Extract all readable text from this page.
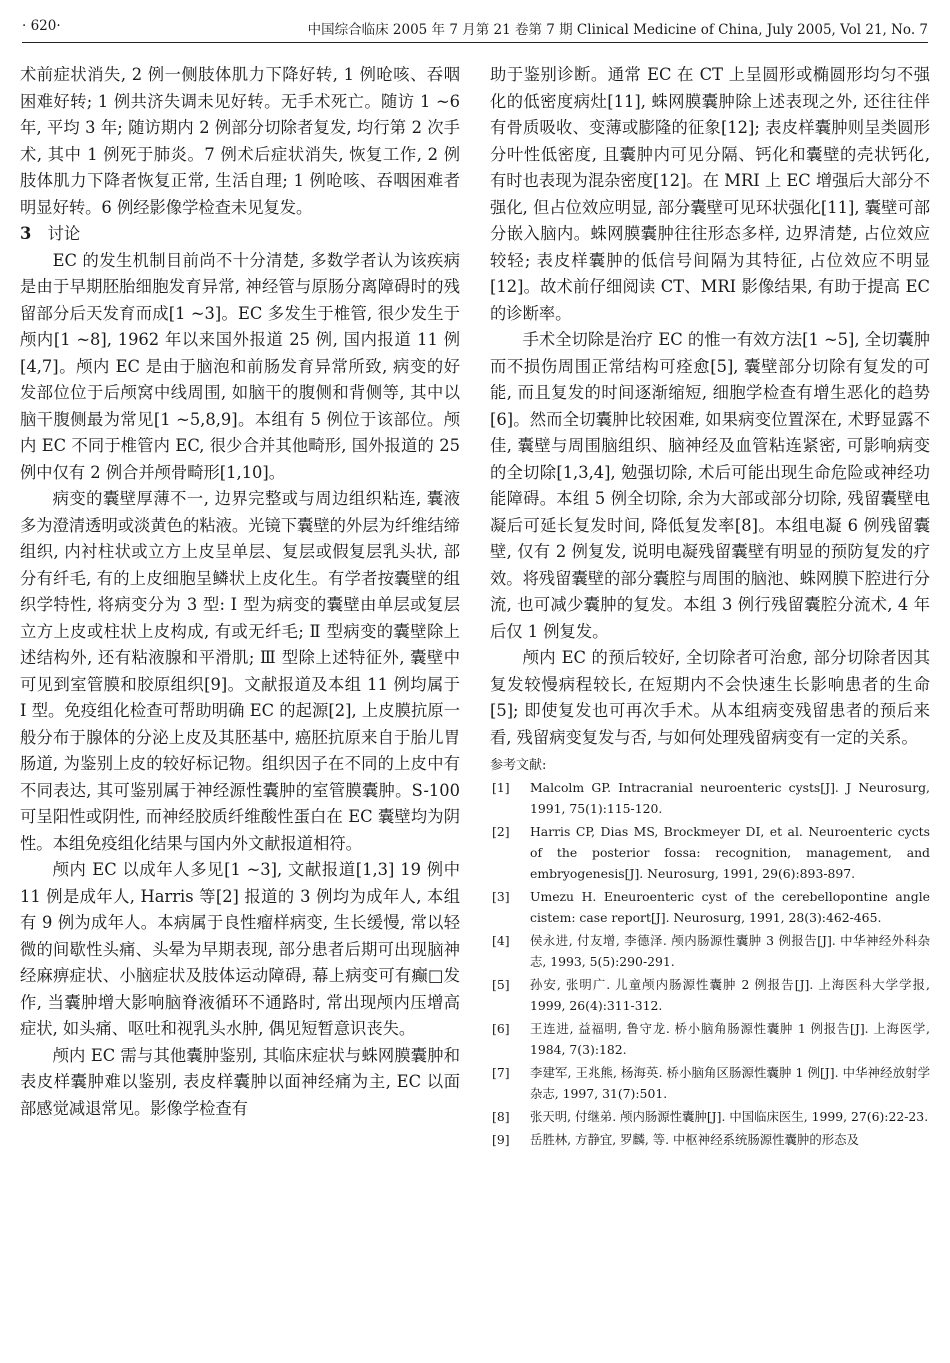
· 620·	中国综合临床 2005 年 7 月第 21 卷第 7 期 Clinical Medicine of China, July 2005, Vol 21, No. 7

术前症状消失, 2 例一侧肢体肌力下降好转, 1 例呛咳、吞咽困难好转; 1 例共济失调未见好转。无手术死亡。随访 1 ~6 年, 平均 3 年; 随访期内 2 例部分切除者复发, 均行第 2 次手术, 其中 1 例死于肺炎。7 例术后症状消失, 恢复工作, 2 例肢体肌力下降者恢复正常, 生活自理; 1 例呛咳、吞咽困难者明显好转。6 例经影像学检查未见复发。

3 讨论

EC 的发生机制目前尚不十分清楚, 多数学者认为该疾病是由于早期胚胎细胞发育异常, 神经管与原肠分离障碍时的残留部分后天发育而成[1 ~3]。EC 多发生于椎管, 很少发生于颅内[1 ~8], 1962 年以来国外报道 25 例, 国内报道 11 例[4,7]。颅内 EC 是由于脑泡和前肠发育异常所致, 病变的好发部位位于后颅窝中线周围, 如脑干的腹侧和背侧等, 其中以脑干腹侧最为常见[1 ~5,8,9]。本组有 5 例位于该部位。颅内 EC 不同于椎管内 EC, 很少合并其他畸形, 国外报道的 25 例中仅有 2 例合并颅骨畸形[1,10]。

病变的囊壁厚薄不一, 边界完整或与周边组织粘连, 囊液多为澄清透明或淡黄色的粘液。光镜下囊壁的外层为纤维结缔组织, 内衬柱状或立方上皮呈单层、复层或假复层乳头状, 部分有纤毛, 有的上皮细胞呈鳞状上皮化生。有学者按囊壁的组织学特性, 将病变分为 3 型: Ⅰ 型为病变的囊壁由单层或复层立方上皮或柱状上皮构成, 有或无纤毛; Ⅱ 型病变的囊壁除上述结构外, 还有粘液腺和平滑肌; Ⅲ 型除上述特征外, 囊壁中可见到室管膜和胶原组织[9]。文献报道及本组 11 例均属于 I 型。免疫组化检查可帮助明确 EC 的起源[2], 上皮膜抗原一般分布于腺体的分泌上皮及其胚基中, 癌胚抗原来自于胎儿胃肠道, 为鉴别上皮的较好标记物。组织因子在不同的上皮中有不同表达, 其可鉴别属于神经源性囊肿的室管膜囊肿。S-100 可呈阳性或阴性, 而神经胶质纤维酸性蛋白在 EC 囊壁均为阴性。本组免疫组化结果与国内外文献报道相符。

颅内 EC 以成年人多见[1 ~3], 文献报道[1,3] 19 例中 11 例是成年人, Harris 等[2] 报道的 3 例均为成年人, 本组有 9 例为成年人。本病属于良性瘤样病变, 生长缓慢, 常以轻微的间歇性头痛、头晕为早期表现, 部分患者后期可出现脑神经麻痹症状、小脑症状及肢体运动障碍, 幕上病变可有癫□发作, 当囊肿增大影响脑脊液循环不通路时, 常出现颅内压增高症状, 如头痛、呕吐和视乳头水肿, 偶见短暂意识丧失。

颅内 EC 需与其他囊肿鉴别, 其临床症状与蛛网膜囊肿和表皮样囊肿难以鉴别, 表皮样囊肿以面神经痛为主, EC 以面部感觉减退常见。影像学检查有

助于鉴别诊断。通常 EC 在 CT 上呈圆形或椭圆形均匀不强化的低密度病灶[11], 蛛网膜囊肿除上述表现之外, 还往往伴有骨质吸收、变薄或膨隆的征象[12]; 表皮样囊肿则呈类圆形分叶性低密度, 且囊肿内可见分隔、钙化和囊壁的壳状钙化, 有时也表现为混杂密度[12]。在 MRI 上 EC 增强后大部分不强化, 但占位效应明显, 部分囊壁可见环状强化[11], 囊壁可部分嵌入脑内。蛛网膜囊肿往往形态多样, 边界清楚, 占位效应较轻; 表皮样囊肿的低信号间隔为其特征, 占位效应不明显[12]。故术前仔细阅读 CT、MRI 影像结果, 有助于提高 EC 的诊断率。

手术全切除是治疗 EC 的惟一有效方法[1 ~5], 全切囊肿而不损伤周围正常结构可痊愈[5], 囊壁部分切除有复发的可能, 而且复发的时间逐渐缩短, 细胞学检查有增生恶化的趋势[6]。然而全切囊肿比较困难, 如果病变位置深在, 术野显露不佳, 囊壁与周围脑组织、脑神经及血管粘连紧密, 可影响病变的全切除[1,3,4], 勉强切除, 术后可能出现生命危险或神经功能障碍。本组 5 例全切除, 余为大部或部分切除, 残留囊壁电凝后可延长复发时间, 降低复发率[8]。本组电凝 6 例残留囊壁, 仅有 2 例复发, 说明电凝残留囊壁有明显的预防复发的疗效。将残留囊壁的部分囊腔与周围的脑池、蛛网膜下腔进行分流, 也可减少囊肿的复发。本组 3 例行残留囊腔分流术, 4 年后仅 1 例复发。

颅内 EC 的预后较好, 全切除者可治愈, 部分切除者因其复发较慢病程较长, 在短期内不会快速生长影响患者的生命[5]; 即使复发也可再次手术。从本组病变残留患者的预后来看, 残留病变复发与否, 与如何处理残留病变有一定的关系。

参考文献:
[1] Malcolm GP. Intracranial neuroenteric cysts[J]. J Neurosurg, 1991, 75(1):115-120.
[2] Harris CP, Dias MS, Brockmeyer DI, et al. Neuroenteric cycts of the posterior fossa: recognition, management, and embryogenesis[J]. Neurosurg, 1991, 29(6):893-897.
[3] Umezu H. Eneuroenteric cyst of the cerebellopontine angle cistem: case report[J]. Neurosurg, 1991, 28(3):462-465.
[4] 侯永进, 付友增, 李德泽. 颅内肠源性囊肿 3 例报告[J]. 中华神经外科杂志, 1993, 5(5):290-291.
[5] 孙安, 张明广. 儿童颅内肠源性囊肿 2 例报告[J]. 上海医科大学学报, 1999, 26(4):311-312.
[6] 王连进, 益福明, 鲁守龙. 桥小脑角肠源性囊肿 1 例报告[J]. 上海医学, 1984, 7(3):182.
[7] 李建军, 王兆熊, 杨海英. 桥小脑角区肠源性囊肿 1 例[J]. 中华神经放射学杂志, 1997, 31(7):501.
[8] 张天明, 付继弟. 颅内肠源性囊肿[J]. 中国临床医生, 1999, 27(6):22-23.
[9] 岳胜林, 方静宜, 罗麟, 等. 中枢神经系统肠源性囊肿的形态及
